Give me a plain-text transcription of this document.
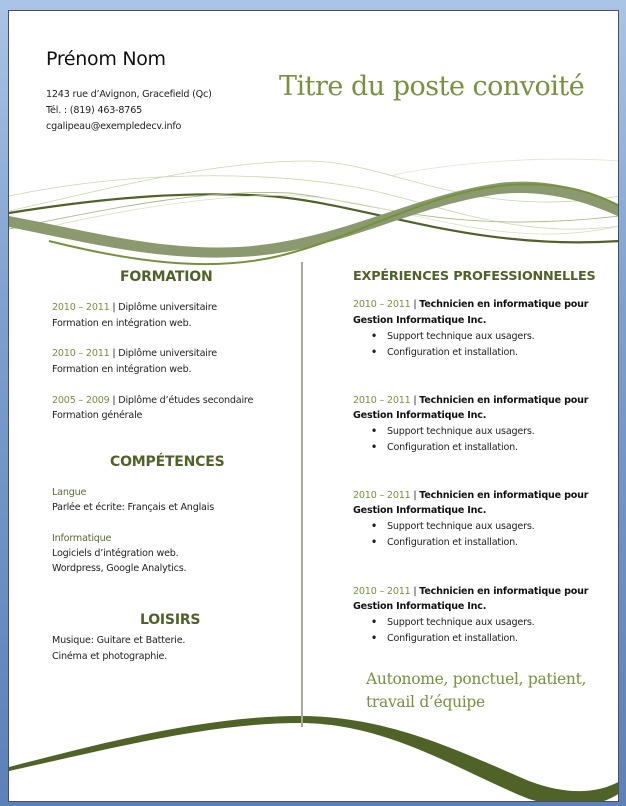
Prénom Nom
1243 rue d’Avignon, Gracefield (Qc)
Tél. : (819) 463-8765
cgalipeau@exempledecv.info
Titre du poste convoité
FORMATION
2010 – 2011 | Diplôme universitaire
Formation en intégration web.
2010 – 2011 | Diplôme universitaire
Formation en intégration web.
2005 – 2009 | Diplôme d’études secondaire
Formation générale
COMPÉTENCES
Langue
Parlée et écrite: Français et Anglais
Informatique
Logiciels d’intégration web.
Wordpress, Google Analytics.
LOISIRS
Musique: Guitare et Batterie.
Cinéma et photographie.
EXPÉRIENCES PROFESSIONNELLES
2010 – 2011 | Technicien en informatique pour
Gestion Informatique Inc.
• Support technique aux usagers.
• Configuration et installation.
2010 – 2011 | Technicien en informatique pour
Gestion Informatique Inc.
• Support technique aux usagers.
• Configuration et installation.
2010 – 2011 | Technicien en informatique pour
Gestion Informatique Inc.
• Support technique aux usagers.
• Configuration et installation.
2010 – 2011 | Technicien en informatique pour
Gestion Informatique Inc.
• Support technique aux usagers.
• Configuration et installation.
Autonome, ponctuel, patient,
travail d’équipe
